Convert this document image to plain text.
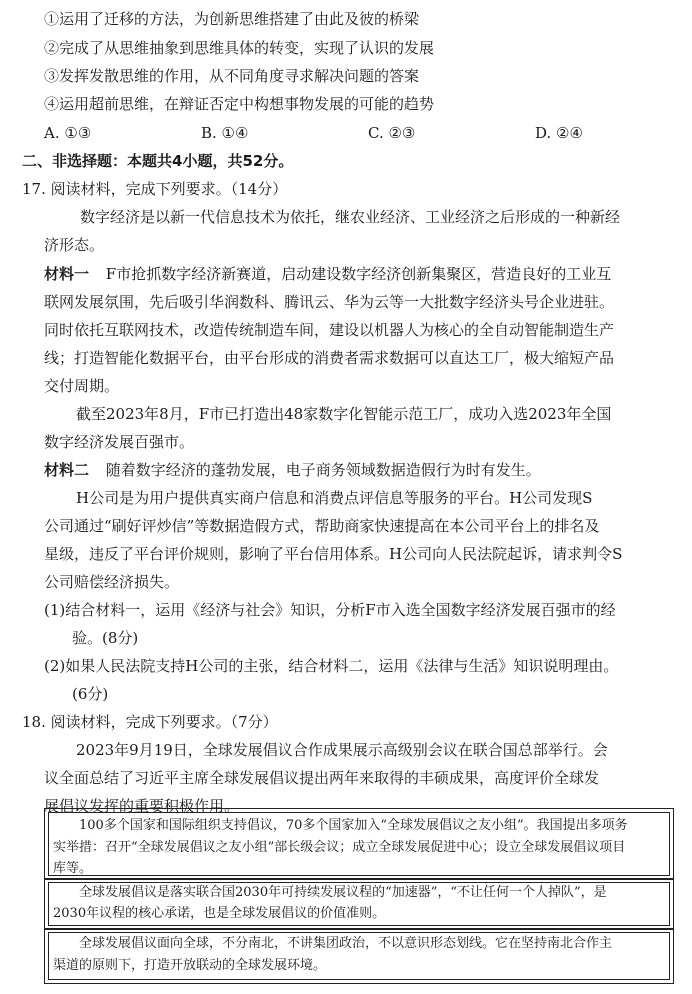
①运用了迁移的方法，为创新思维搭建了由此及彼的桥梁
②完成了从思维抽象到思维具体的转变，实现了认识的发展
③发挥发散思维的作用，从不同角度寻求解决问题的答案
④运用超前思维，在辩证否定中构想事物发展的可能的趋势
A. ①③	B. ①④	C. ②③	D. ②④
二、非选择题：本题共4小题，共52分。
17. 阅读材料，完成下列要求。（14分）
数字经济是以新一代信息技术为依托，继农业经济、工业经济之后形成的一种新经
济形态。
材料一 F市抢抓数字经济新赛道，启动建设数字经济创新集聚区，营造良好的工业互
联网发展氛围，先后吸引华润数科、腾讯云、华为云等一大批数字经济头号企业进驻。
同时依托互联网技术，改造传统制造车间，建设以机器人为核心的全自动智能制造生产
线；打造智能化数据平台，由平台形成的消费者需求数据可以直达工厂，极大缩短产品
交付周期。
截至2023年8月，F市已打造出48家数字化智能示范工厂，成功入选2023年全国
数字经济发展百强市。
材料二 随着数字经济的蓬勃发展，电子商务领域数据造假行为时有发生。
H公司是为用户提供真实商户信息和消费点评信息等服务的平台。H公司发现S
公司通过“刷好评炒信”等数据造假方式，帮助商家快速提高在本公司平台上的排名及
星级，违反了平台评价规则，影响了平台信用体系。H公司向人民法院起诉，请求判令S
公司赔偿经济损失。
(1)结合材料一，运用《经济与社会》知识，分析F市入选全国数字经济发展百强市的经
验。(8分)
(2)如果人民法院支持H公司的主张，结合材料二，运用《法律与生活》知识说明理由。
(6分)
18. 阅读材料，完成下列要求。（7分）
2023年9月19日，全球发展倡议合作成果展示高级别会议在联合国总部举行。会
议全面总结了习近平主席全球发展倡议提出两年来取得的丰硕成果，高度评价全球发
展倡议发挥的重要积极作用。
100多个国家和国际组织支持倡议，70多个国家加入“全球发展倡议之友小组”。我国提出多项务
实举措：召开“全球发展倡议之友小组”部长级会议；成立全球发展促进中心；设立全球发展倡议项目
库等。
全球发展倡议是落实联合国2030年可持续发展议程的“加速器”，“不让任何一个人掉队”，是
2030年议程的核心承诺，也是全球发展倡议的价值准则。
全球发展倡议面向全球，不分南北，不讲集团政治，不以意识形态划线。它在坚持南北合作主
渠道的原则下，打造开放联动的全球发展环境。
